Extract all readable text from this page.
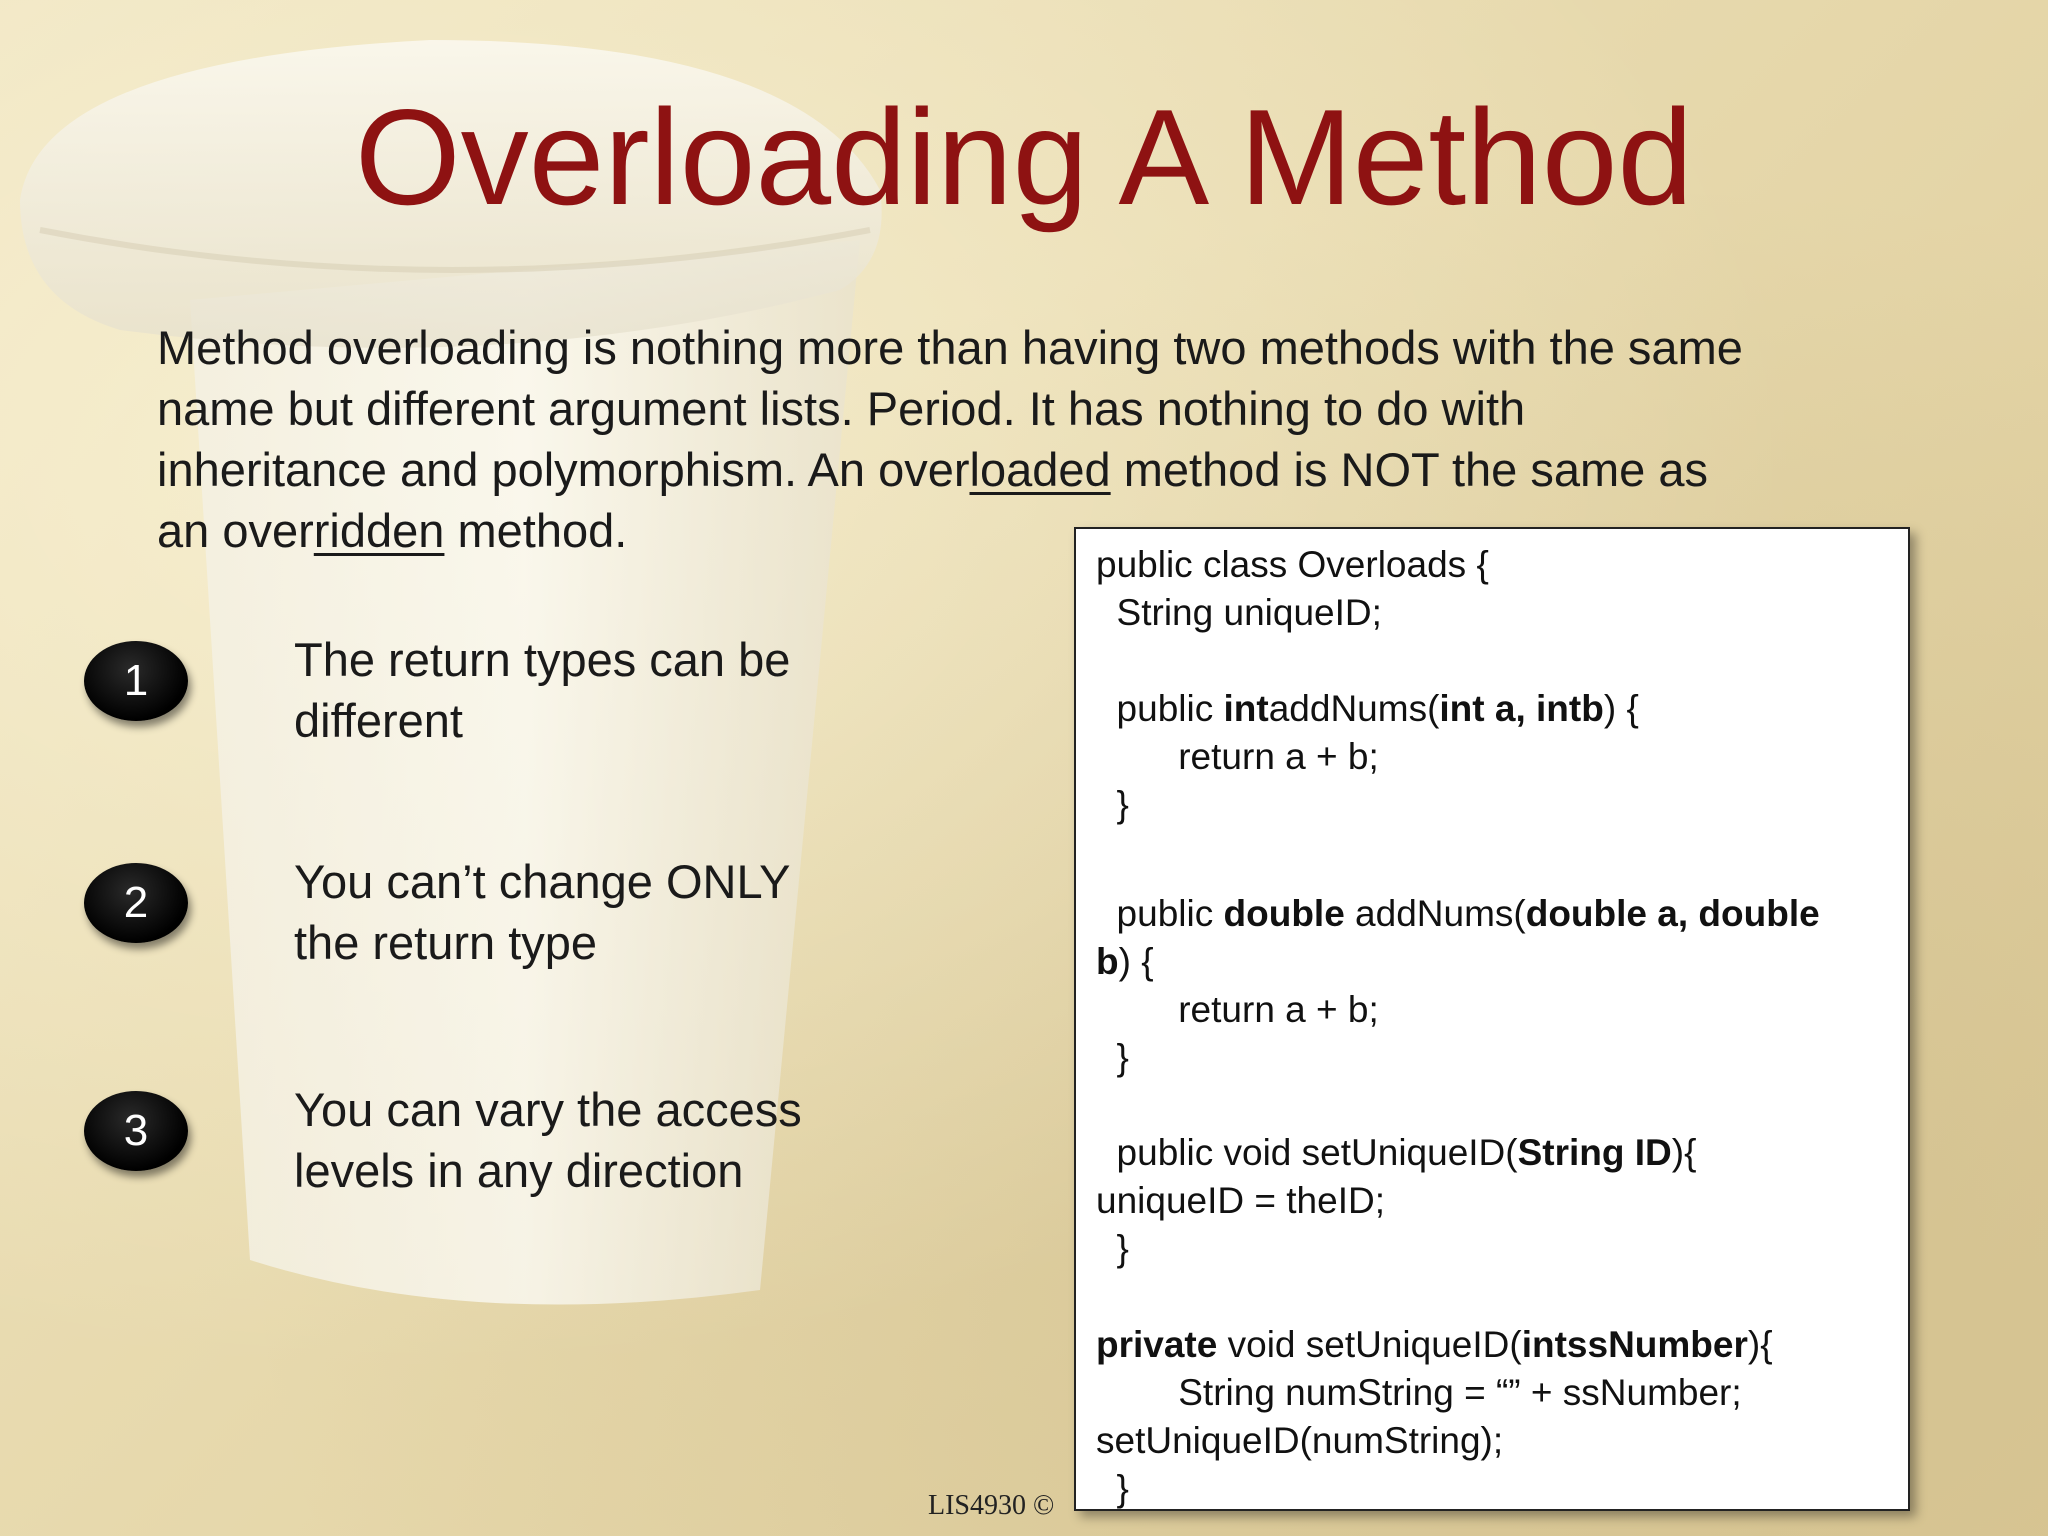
Overloading A Method
Method overloading is nothing more than having two methods with the same
name but different argument lists. Period. It has nothing to do with
inheritance and polymorphism. An overloaded method is NOT the same as
an overridden method.
1	The return types can be
different
2	You can’t change ONLY
the return type
3	You can vary the access
levels in any direction
public class Overloads {
String uniqueID;
public intaddNums(int a, intb) {
return a + b;
}
public double addNums(double a, double
b) {
return a + b;
}
public void setUniqueID(String ID){
uniqueID = theID;
}
private void setUniqueID(intssNumber){
String numString = “” + ssNumber;
setUniqueID(numString);
}
LIS4930 ©
